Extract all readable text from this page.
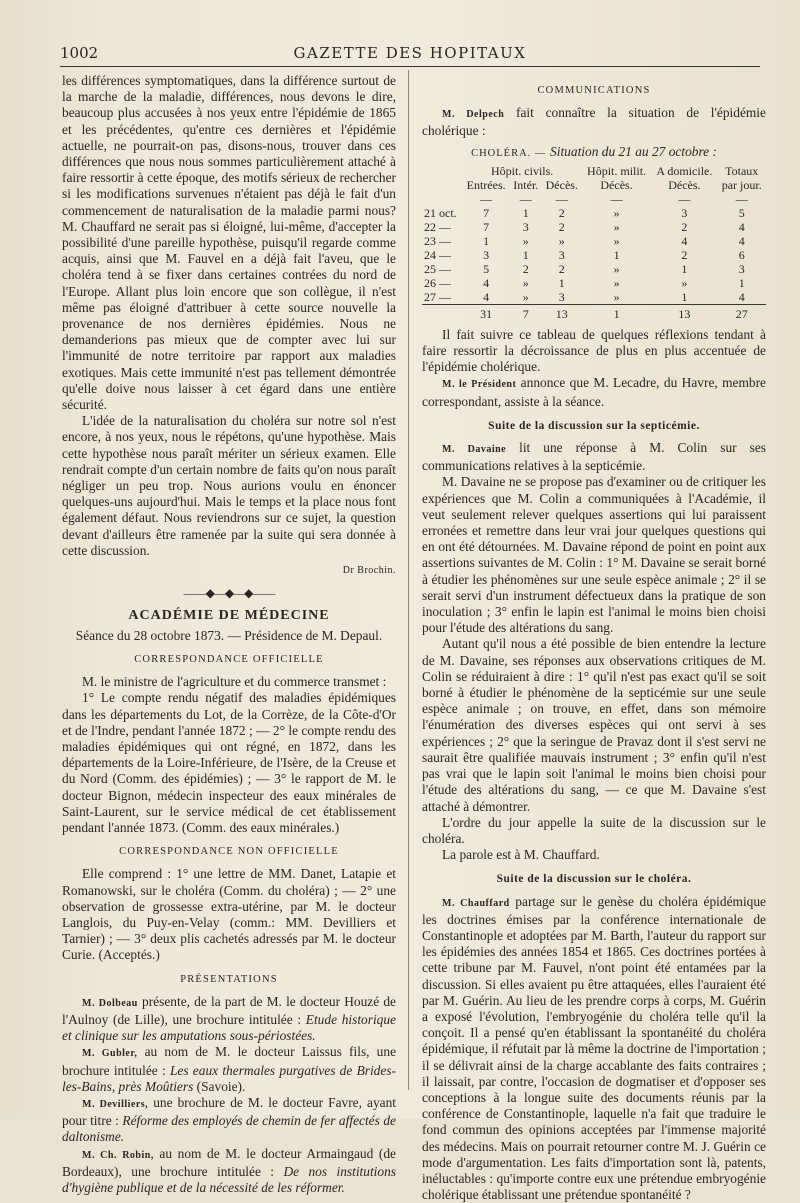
1002	GAZETTE DES HOPITAUX

les différences symptomatiques, dans la différence surtout de la marche de la maladie, différences, nous devons le dire, beaucoup plus accusées à nos yeux entre l'épidémie de 1865 et les précédentes, qu'entre ces dernières et l'épidémie actuelle, ne pourrait-on pas, disons-nous, trouver dans ces différences que nous nous sommes particulièrement attaché à faire ressortir à cette époque, des motifs sérieux de rechercher si les modifications survenues n'étaient pas déjà le fait d'un commencement de naturalisation de la maladie parmi nous? M. Chauffard ne serait pas si éloigné, lui-même, d'accepter la possibilité d'une pareille hypothèse, puisqu'il regarde comme acquis, ainsi que M. Fauvel en a déjà fait l'aveu, que le choléra tend à se fixer dans certaines contrées du nord de l'Europe. Allant plus loin encore que son collègue, il n'est même pas éloigné d'attribuer à cette source nouvelle la provenance de nos dernières épidémies. Nous ne demanderions pas mieux que de compter avec lui sur l'immunité de notre territoire par rapport aux maladies exotiques. Mais cette immunité n'est pas tellement démontrée qu'elle doive nous laisser à cet égard dans une entière sécurité.

L'idée de la naturalisation du choléra sur notre sol n'est encore, à nos yeux, nous le répétons, qu'une hypothèse. Mais cette hypothèse nous paraît mériter un sérieux examen. Elle rendrait compte d'un certain nombre de faits qu'on nous paraît négliger un peu trop. Nous aurions voulu en énoncer quelques-uns aujourd'hui. Mais le temps et la place nous font également défaut. Nous reviendrons sur ce sujet, la question devant d'ailleurs être ramenée par la suite qui sera donnée à cette discussion.

Dr Brochin.
——◆—◆—◆——
ACADÉMIE DE MÉDECINE

Séance du 28 octobre 1873. — Présidence de M. Depaul.

CORRESPONDANCE OFFICIELLE

M. le ministre de l'agriculture et du commerce transmet :

1° Le compte rendu négatif des maladies épidémiques dans les départements du Lot, de la Corrèze, de la Côte-d'Or et de l'Indre, pendant l'année 1872 ; — 2° le compte rendu des maladies épidémiques qui ont régné, en 1872, dans les départements de la Loire-Inférieure, de l'Isère, de la Creuse et du Nord (Comm. des épidémies) ; — 3° le rapport de M. le docteur Bignon, médecin inspecteur des eaux minérales de Saint-Laurent, sur le service médical de cet établissement pendant l'année 1873. (Comm. des eaux minérales.)

CORRESPONDANCE NON OFFICIELLE

Elle comprend : 1° une lettre de MM. Danet, Latapie et Romanowski, sur le choléra (Comm. du choléra) ; — 2° une observation de grossesse extra-utérine, par M. le docteur Langlois, du Puy-en-Velay (comm.: MM. Devilliers et Tarnier) ; — 3° deux plis cachetés adressés par M. le docteur Curie. (Acceptés.)

PRÉSENTATIONS

M. Dolbeau présente, de la part de M. le docteur Houzé de l'Aulnoy (de Lille), une brochure intitulée : Etude historique et clinique sur les amputations sous-périostées.

M. Gubler, au nom de M. le docteur Laissus fils, une brochure intitulée : Les eaux thermales purgatives de Brides-les-Bains, près Moûtiers (Savoie).

M. Devilliers, une brochure de M. le docteur Favre, ayant pour titre : Réforme des employés de chemin de fer affectés de daltonisme.

M. Ch. Robin, au nom de M. le docteur Armaingaud (de Bordeaux), une brochure intitulée : De nos institutions d'hygiène publique et de la nécessité de les réformer.

COMMUNICATIONS

M. Delpech fait connaître la situation de l'épidémie cholérique :

CHOLÉRA. — Situation du 21 au 27 octobre :

	Hôpit. civils.			Hôpit. milit.	A domicile.	Totaux
	Entrées.	Intér.	Décès.	Décès.	Décès.	par jour.
	—	—	—	—	—	—
21 oct.	7	1	2	»	3	5
22 —	7	3	2	»	2	4
23 —	1	»	»	»	4	4
24 —	3	1	3	1	2	6
25 —	5	2	2	»	1	3
26 —	4	»	1	»	»	1
27 —	4	»	3	»	1	4
	31	7	13	1	13	27

Il fait suivre ce tableau de quelques réflexions tendant à faire ressortir la décroissance de plus en plus accentuée de l'épidémie cholérique.

M. le Président annonce que M. Lecadre, du Havre, membre correspondant, assiste à la séance.

Suite de la discussion sur la septicémie.

M. Davaine lit une réponse à M. Colin sur ses communications relatives à la septicémie.

M. Davaine ne se propose pas d'examiner ou de critiquer les expériences que M. Colin a communiquées à l'Académie, il veut seulement relever quelques assertions qui lui paraissent erronées et remettre dans leur vrai jour quelques questions qui en ont été détournées. M. Davaine répond de point en point aux assertions suivantes de M. Colin : 1° M. Davaine se serait borné à étudier les phénomènes sur une seule espèce animale ; 2° il se serait servi d'un instrument défectueux dans la pratique de son inoculation ; 3° enfin le lapin est l'animal le moins bien choisi pour l'étude des altérations du sang.

Autant qu'il nous a été possible de bien entendre la lecture de M. Davaine, ses réponses aux observations critiques de M. Colin se réduiraient à dire : 1° qu'il n'est pas exact qu'il se soit borné à étudier le phénomène de la septicémie sur une seule espèce animale ; on trouve, en effet, dans son mémoire l'énumération des diverses espèces qui ont servi à ses expériences ; 2° que la seringue de Pravaz dont il s'est servi ne saurait être qualifiée mauvais instrument ; 3° enfin qu'il n'est pas vrai que le lapin soit l'animal le moins bien choisi pour l'étude des altérations du sang, — ce que M. Davaine s'est attaché à démontrer.

L'ordre du jour appelle la suite de la discussion sur le choléra.

La parole est à M. Chauffard.

Suite de la discussion sur le choléra.

M. Chauffard partage sur le genèse du choléra épidémique les doctrines émises par la conférence internationale de Constantinople et adoptées par M. Barth, l'auteur du rapport sur les épidémies des années 1854 et 1865. Ces doctrines portées à cette tribune par M. Fauvel, n'ont point été entamées par la discussion. Si elles avaient pu être attaquées, elles l'auraient été par M. Guérin. Au lieu de les prendre corps à corps, M. Guérin a exposé l'évolution, l'embryogénie du choléra telle qu'il la conçoit. Il a pensé qu'en établissant la spontanéité du choléra épidémique, il réfutait par là même la doctrine de l'importation ; il se délivrait ainsi de la charge accablante des faits contraires ; il laissait, par contre, l'occasion de dogmatiser et d'opposer ses conceptions à la longue suite des documents réunis par la conférence de Constantinople, laquelle n'a fait que traduire le fond commun des opinions acceptées par l'immense majorité des médecins. Mais on pourrait retourner contre M. J. Guérin ce mode d'argumentation. Les faits d'importation sont là, patents, inéluctables : qu'importe contre eux une prétendue embryogénie cholérique établissant une prétendue spontanéité ?
